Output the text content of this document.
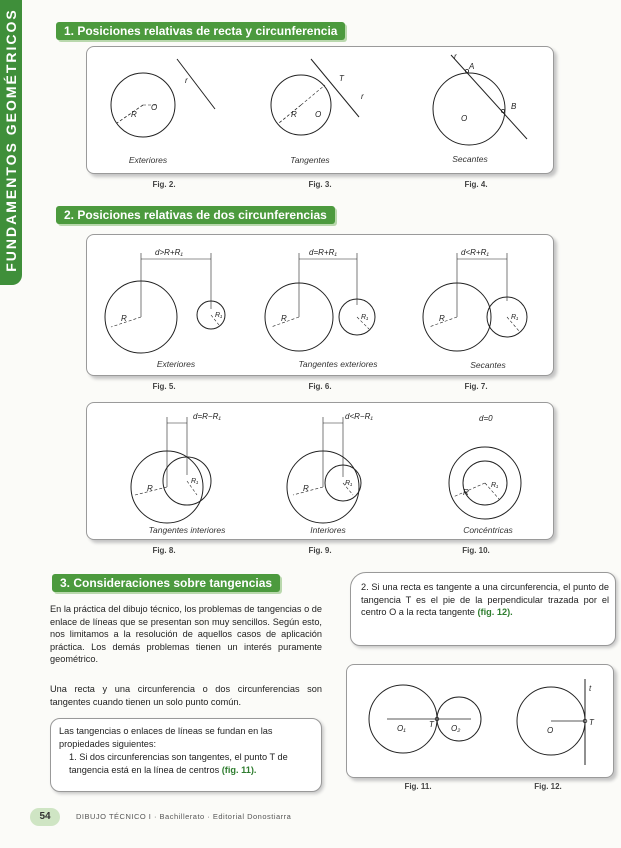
FUNDAMENTOS GEOMÉTRICOS	1. Posiciones relativas de recta y circunferencia
r
R
O
T
r
R O
r
A
B
O
Exteriores	Tangentes	Secantes
Fig. 2.	Fig. 3.	Fig. 4.
2. Posiciones relativas de dos circunferencias
d>R+R₁
R	R₁
d=R+R₁
R	R₁
d<R+R₁
R	R₁
Exteriores	Tangentes exteriores	Secantes
Fig. 5.	Fig. 6.	Fig. 7.
d=R−R₁
R
R₁
d<R−R₁
R
R₁
d=0
R
R₁
Tangentes interiores	Interiores	Concéntricas
Fig. 8.	Fig. 9.	Fig. 10.
3. Consideraciones sobre tangencias
En la práctica del dibujo técnico, los problemas de tangencias o de enlace de líneas que se presentan son muy sencillos. Según esto, nos limitamos a la resolución de aquellos casos de aplicación práctica. Los demás problemas tienen un interés puramente geométrico.
Una recta y una circunferencia o dos circunferencias son tangentes cuando tienen un solo punto común.
Las tangencias o enlaces de líneas se fundan en las propiedades siguientes:
1. Si dos circunferencias son tangentes, el punto T de tangencia está en la línea de centros (fig. 11).
2. Si una recta es tangente a una circunferencia, el punto de tangencia T es el pie de la perpendicular trazada por el centro O a la recta tangente (fig. 12).
O₁	T O₂	O
T
t
Fig. 11.	Fig. 12.
54	DIBUJO TÉCNICO I · Bachillerato · Editorial Donostiarra
